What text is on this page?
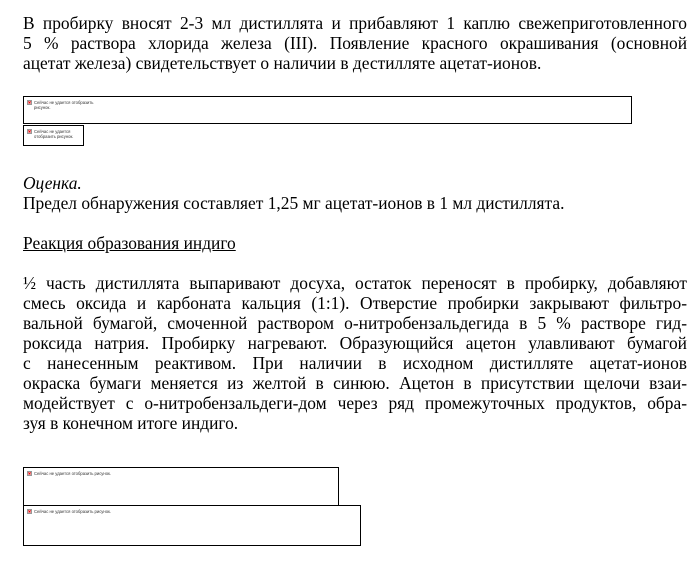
В пробирку вносят 2-3 мл дистиллята и прибавляют 1 каплю свежеприготовленного
5 % раствора хлорида железа (III). Появление красного окрашивания (основной
ацетат железа) свидетельствует о наличии в дестилляте ацетат-ионов.
Сейчас не удается отобразить рисунок.
Сейчас не удается отобразить рисунок.
Оценка.
Предел обнаружения составляет 1,25 мг ацетат-ионов в 1 мл дистиллята.
Реакция образования индиго
½ часть дистиллята выпаривают досуха, остаток переносят в пробирку, добавляют
смесь оксида и карбоната кальция (1:1). Отверстие пробирки закрывают фильтро-
вальной бумагой, смоченной раствором о-нитробензальдегида в 5 % растворе гид-
роксида натрия. Пробирку нагревают. Образующийся ацетон улавливают бумагой
с нанесенным реактивом. При наличии в исходном дистилляте ацетат-ионов
окраска бумаги меняется из желтой в синюю. Ацетон в присутствии щелочи взаи-
модействует с о-нитробензальдеги-дом через ряд промежуточных продуктов, обра-
зуя в конечном итоге индиго.
Сейчас не удается отобразить рисунок.
Сейчас не удается отобразить рисунок.
